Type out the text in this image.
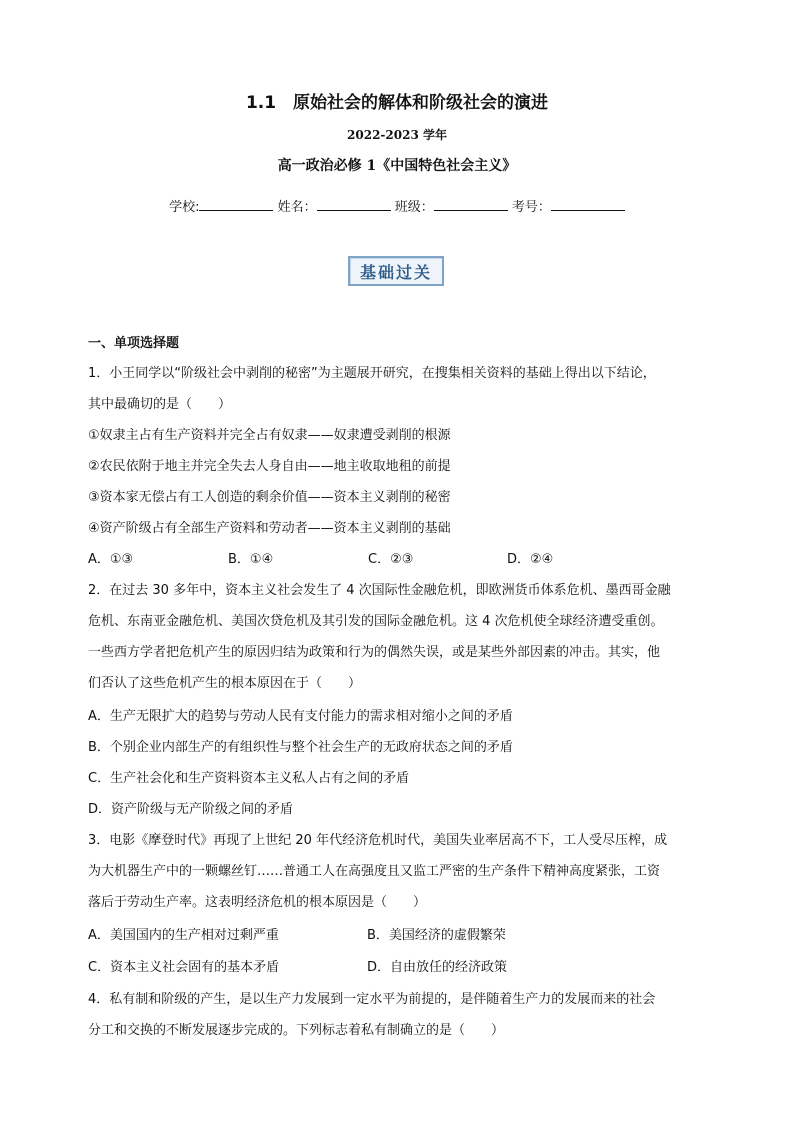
1.1　原始社会的解体和阶级社会的演进
2022-2023 学年
高一政治必修 1《中国特色社会主义》
学校:	姓名：	班级：	考号：
基础过关
一、单项选择题
1．小王同学以“阶级社会中剥削的秘密”为主题展开研究，在搜集相关资料的基础上得出以下结论，
其中最确切的是（　　）
①奴隶主占有生产资料并完全占有奴隶——奴隶遭受剥削的根源
②农民依附于地主并完全失去人身自由——地主收取地租的前提
③资本家无偿占有工人创造的剩余价值——资本主义剥削的秘密
④资产阶级占有全部生产资料和劳动者——资本主义剥削的基础
A．①③	B．①④	C．②③	D．②④
2．在过去 30 多年中，资本主义社会发生了 4 次国际性金融危机，即欧洲货币体系危机、墨西哥金融
危机、东南亚金融危机、美国次贷危机及其引发的国际金融危机。这 4 次危机使全球经济遭受重创。
一些西方学者把危机产生的原因归结为政策和行为的偶然失误，或是某些外部因素的冲击。其实，他
们否认了这些危机产生的根本原因在于（　　）
A．生产无限扩大的趋势与劳动人民有支付能力的需求相对缩小之间的矛盾
B．个别企业内部生产的有组织性与整个社会生产的无政府状态之间的矛盾
C．生产社会化和生产资料资本主义私人占有之间的矛盾
D．资产阶级与无产阶级之间的矛盾
3．电影《摩登时代》再现了上世纪 20 年代经济危机时代，美国失业率居高不下，工人受尽压榨，成
为大机器生产中的一颗螺丝钉……普通工人在高强度且又监工严密的生产条件下精神高度紧张，工资
落后于劳动生产率。这表明经济危机的根本原因是（　　）
A．美国国内的生产相对过剩严重	B．美国经济的虚假繁荣
C．资本主义社会固有的基本矛盾	D．自由放任的经济政策
4．私有制和阶级的产生，是以生产力发展到一定水平为前提的，是伴随着生产力的发展而来的社会
分工和交换的不断发展逐步完成的。下列标志着私有制确立的是（　　）
